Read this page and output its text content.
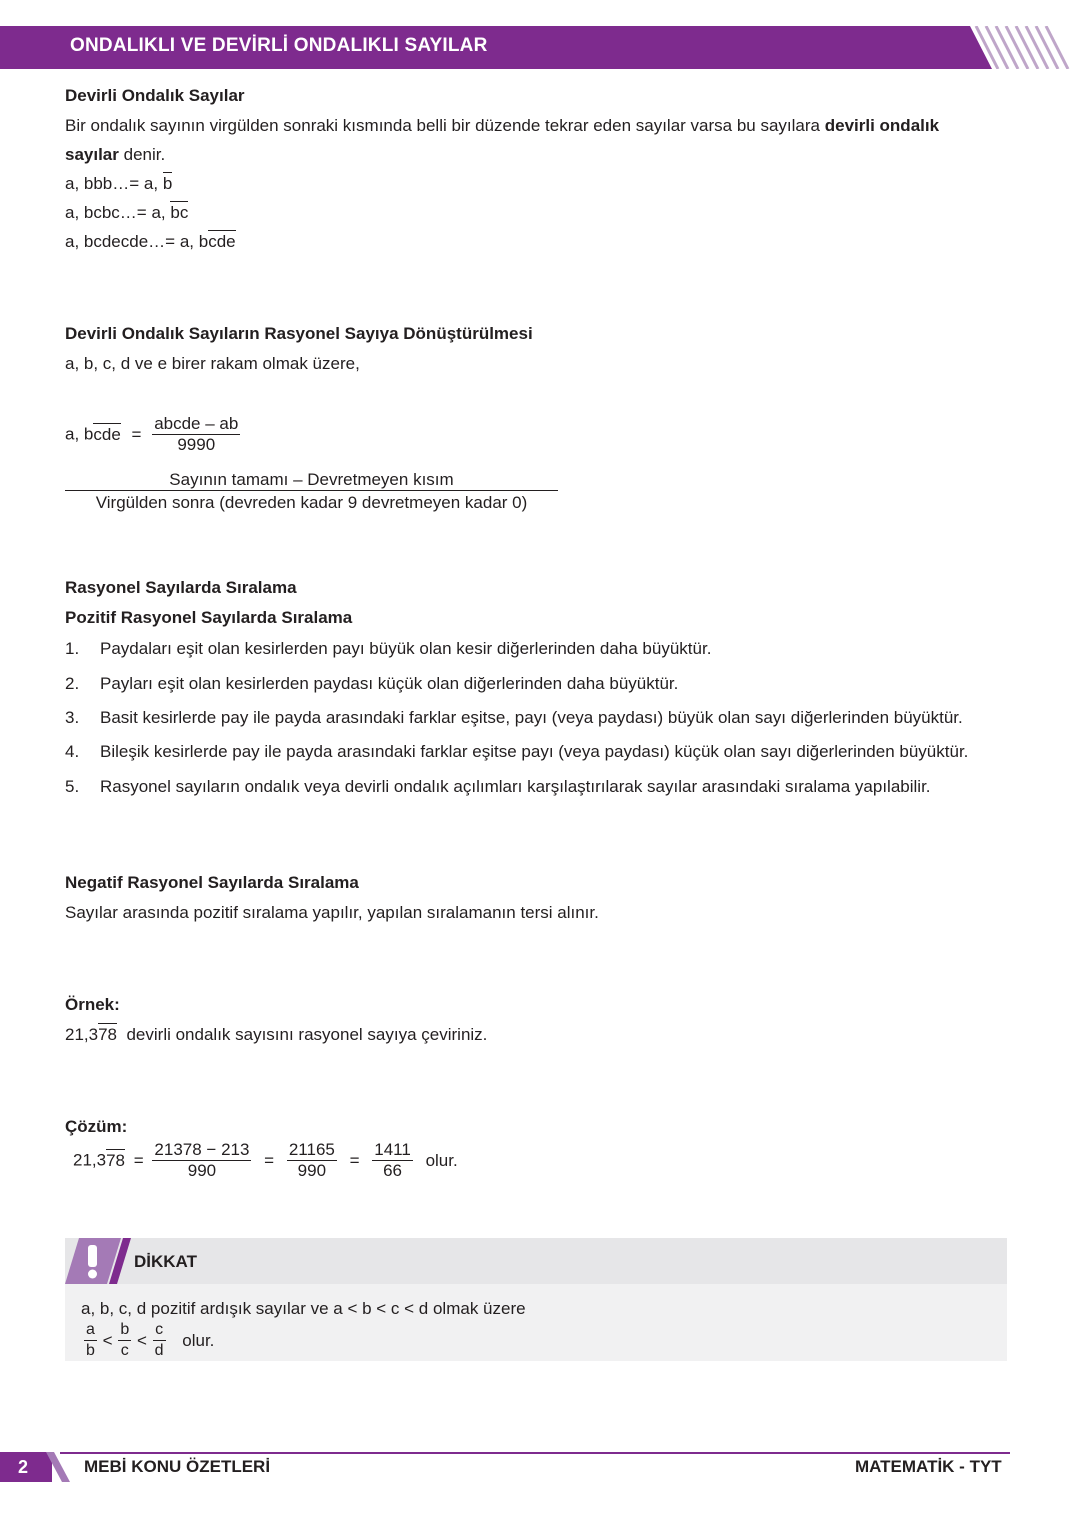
ONDALIKLI VE DEVİRLİ ONDALIKLI SAYILAR
Devirli Ondalık Sayılar
Bir ondalık sayının virgülden sonraki kısmında belli bir düzende tekrar eden sayılar varsa bu sayılara devirli ondalık
sayılar denir.
a, bbb…= a, b
a, bcbc…= a, bc
a, bcdecde…= a, bcde
Devirli Ondalık Sayıların Rasyonel Sayıya Dönüştürülmesi
a, b, c, d ve e birer rakam olmak üzere,
a, bcde = $\frac{\text{abcde – ab}}{9990}$
Sayının tamamı – Devretmeyen kısım
Virgülden sonra (devreden kadar 9 devretmeyen kadar 0)
Rasyonel Sayılarda Sıralama
Pozitif Rasyonel Sayılarda Sıralama
1. Paydaları eşit olan kesirlerden payı büyük olan kesir diğerlerinden daha büyüktür.
2. Payları eşit olan kesirlerden paydası küçük olan diğerlerinden daha büyüktür.
3. Basit kesirlerde pay ile payda arasındaki farklar eşitse, payı (veya paydası) büyük olan sayı diğerlerinden büyüktür.
4. Bileşik kesirlerde pay ile payda arasındaki farklar eşitse payı (veya paydası) küçük olan sayı diğerlerinden büyüktür.
5. Rasyonel sayıların ondalık veya devirli ondalık açılımları karşılaştırılarak sayılar arasındaki sıralama yapılabilir.
Negatif Rasyonel Sayılarda Sıralama
Sayılar arasında pozitif sıralama yapılır, yapılan sıralamanın tersi alınır.
Örnek:
21,378 devirli ondalık sayısını rasyonel sayıya çeviriniz.
Çözüm:
$21,378 = \frac{21378 - 213}{990} = \frac{21165}{990} = \frac{1411}{66}$ olur.
DİKKAT
a, b, c, d pozitif ardışık sayılar ve a < b < c < d olmak üzere
$\frac{a}{b} < \frac{b}{c} < \frac{c}{d}$ olur.
2	MEBİ KONU ÖZETLERİ	MATEMATİK - TYT
